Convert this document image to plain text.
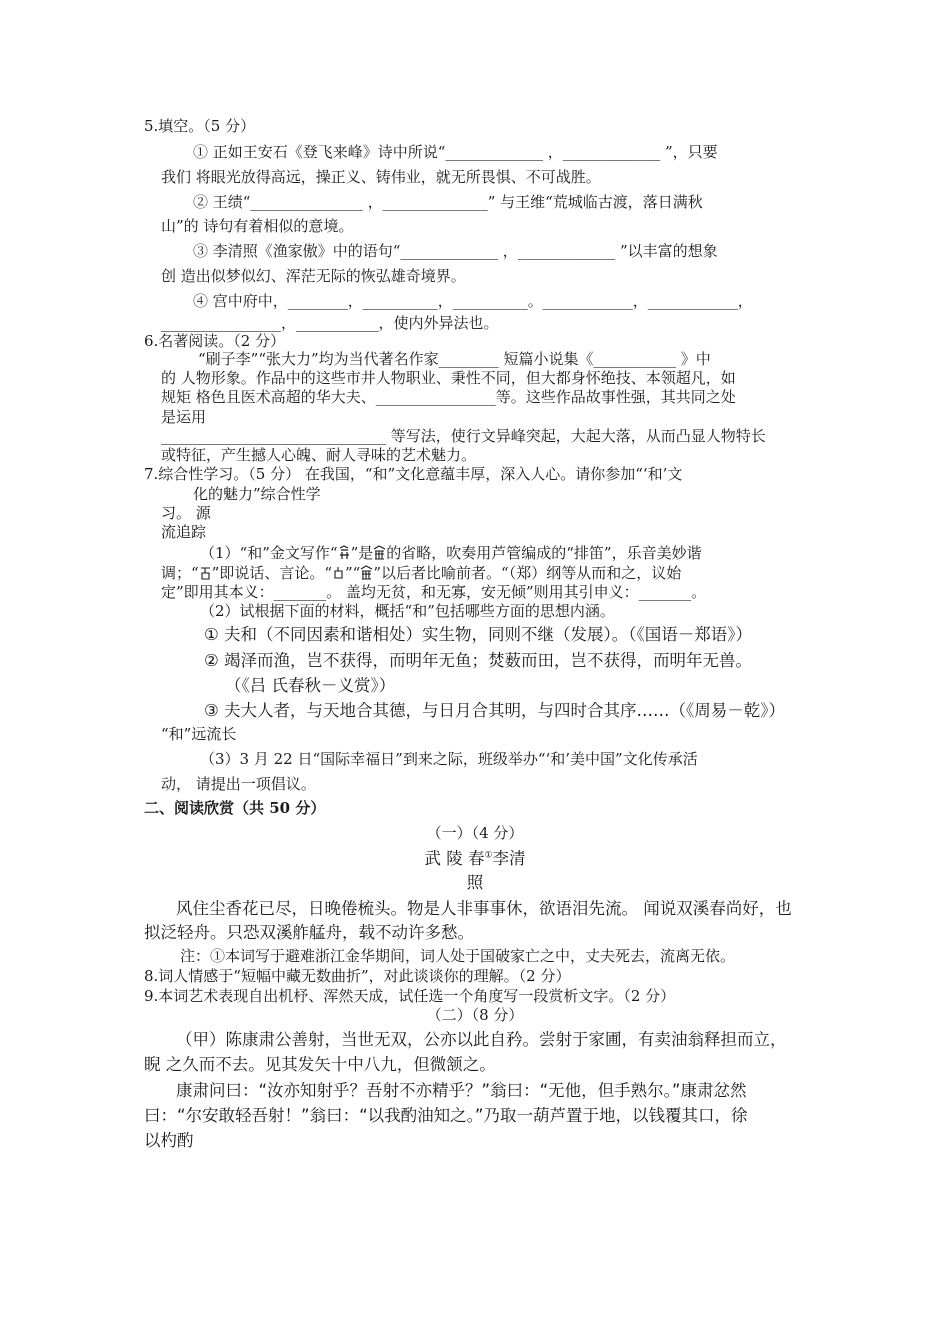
5.填空。（5 分）
① 正如王安石《登飞来峰》诗中所说“_____________ ，_____________ ”，只要
我们 将眼光放得高远，操正义、铸伟业，就无所畏惧、不可战胜。
② 王绩“_______________ ，______________” 与王维“荒城临古渡，落日满秋
山”的 诗句有着相似的意境。
③ 李清照《渔家傲》中的语句“_____________ ，_____________ ”以丰富的想象
创 造出似梦似幻、浑茫无际的恢弘雄奇境界。
④ 宫中府中，________，__________，__________。____________，____________，
________________，___________，使内外异法也。
6.名著阅读。（2 分）
“刷子李”“张大力”均为当代著名作家________ 短篇小说集《___________ 》中
的 人物形象。作品中的这些市井人物职业、秉性不同，但大都身怀绝技、本领超凡，如
规矩 格色且医术高超的华大夫、________________等。这些作品故事性强，其共同之处
是运用
______________________________ 等写法，使行文异峰突起，大起大落，从而凸显人物特长
或特征，产生撼人心魄、耐人寻味的艺术魅力。
7.综合性学习。（5 分） 在我国，“和”文化意蕴丰厚，深入人心。请你参加“‘和’文
化的魅力”综合性学
习。 源
流追踪
（1）“和”金文写作“ ”是 的省略，吹奏用芦管编成的“排笛”，乐音美妙谐
调；“ ”即说话、言论。“ ”“ ”以后者比喻前者。“（郑）纲等从而和之，议始
定”即用其本义：_______。 盖均无贫，和无寡，安无倾”则用其引申义：_______。
（2）试根据下面的材料，概括“和”包括哪些方面的思想内涵。
① 夫和（不同因素和谐相处）实生物，同则不继（发展）。（《国语－郑语》）
② 竭泽而渔，岂不获得，而明年无鱼；焚薮而田，岂不获得，而明年无兽。
（《吕 氏春秋－义赏》）
③ 夫大人者，与天地合其德，与日月合其明，与四时合其序……（《周易－乾》）
“和”远流长
（3）3 月 22 日“国际幸福日”到来之际，班级举办“‘和’美中国”文化传承活
动， 请提出一项倡议。
二、阅读欣赏（共 50 分）
（一）（4 分）
武 陵 春①李清
照
风住尘香花已尽，日晚倦梳头。物是人非事事休，欲语泪先流。 闻说双溪春尚好，也
拟泛轻舟。只恐双溪舴艋舟，载不动许多愁。
注：①本词写于避难浙江金华期间，词人处于国破家亡之中，丈夫死去，流离无依。
8.词人情感于“短幅中藏无数曲折”，对此谈谈你的理解。（2 分）
9.本词艺术表现自出机杼、浑然天成，试任选一个角度写一段赏析文字。（2 分）
（二）（8 分）
（甲）陈康肃公善射，当世无双，公亦以此自矜。尝射于家圃，有卖油翁释担而立，
睨 之久而不去。见其发矢十中八九，但微颔之。
康肃问曰：“汝亦知射乎？吾射不亦精乎？”翁曰：“无他，但手熟尔。”康肃忿然
曰：“尔安敢轻吾射！”翁曰：“以我酌油知之。”乃取一葫芦置于地，以钱覆其口，徐
以杓酌
